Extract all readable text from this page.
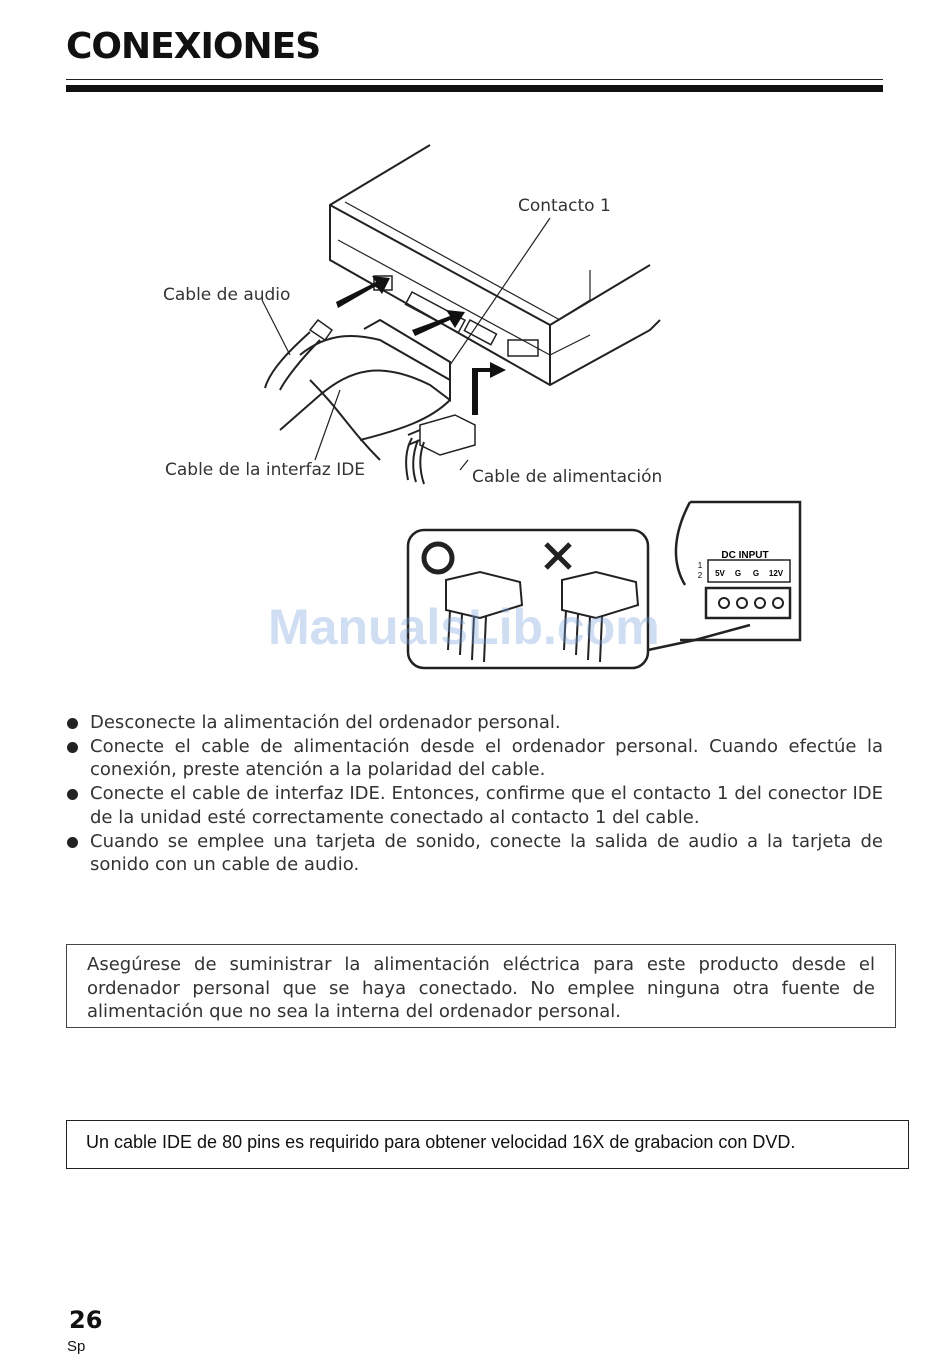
CONEXIONES
DC INPUT
5V G G 12V
1
2
Contacto 1
Cable de audio
Cable de la interfaz IDE	Cable de alimentación
ManualsLib.com
Desconecte la alimentación del ordenador personal.
Conecte el cable de alimentación desde el ordenador personal. Cuando efectúe la conexión, preste atención a la polaridad del cable.
Conecte el cable de interfaz IDE. Entonces, confirme que el contacto 1 del conector IDE de la unidad esté correctamente conectado al contacto 1 del cable.
Cuando se emplee una tarjeta de sonido, conecte la salida de audio a la tarjeta de sonido con un cable de audio.
Asegúrese de suministrar la alimentación eléctrica para este producto desde el ordenador personal que se haya conectado. No emplee ninguna otra fuente de alimentación que no sea la interna del ordenador personal.
Un cable IDE de 80 pins es requirido para obtener velocidad 16X de grabacion con DVD.
26
Sp
